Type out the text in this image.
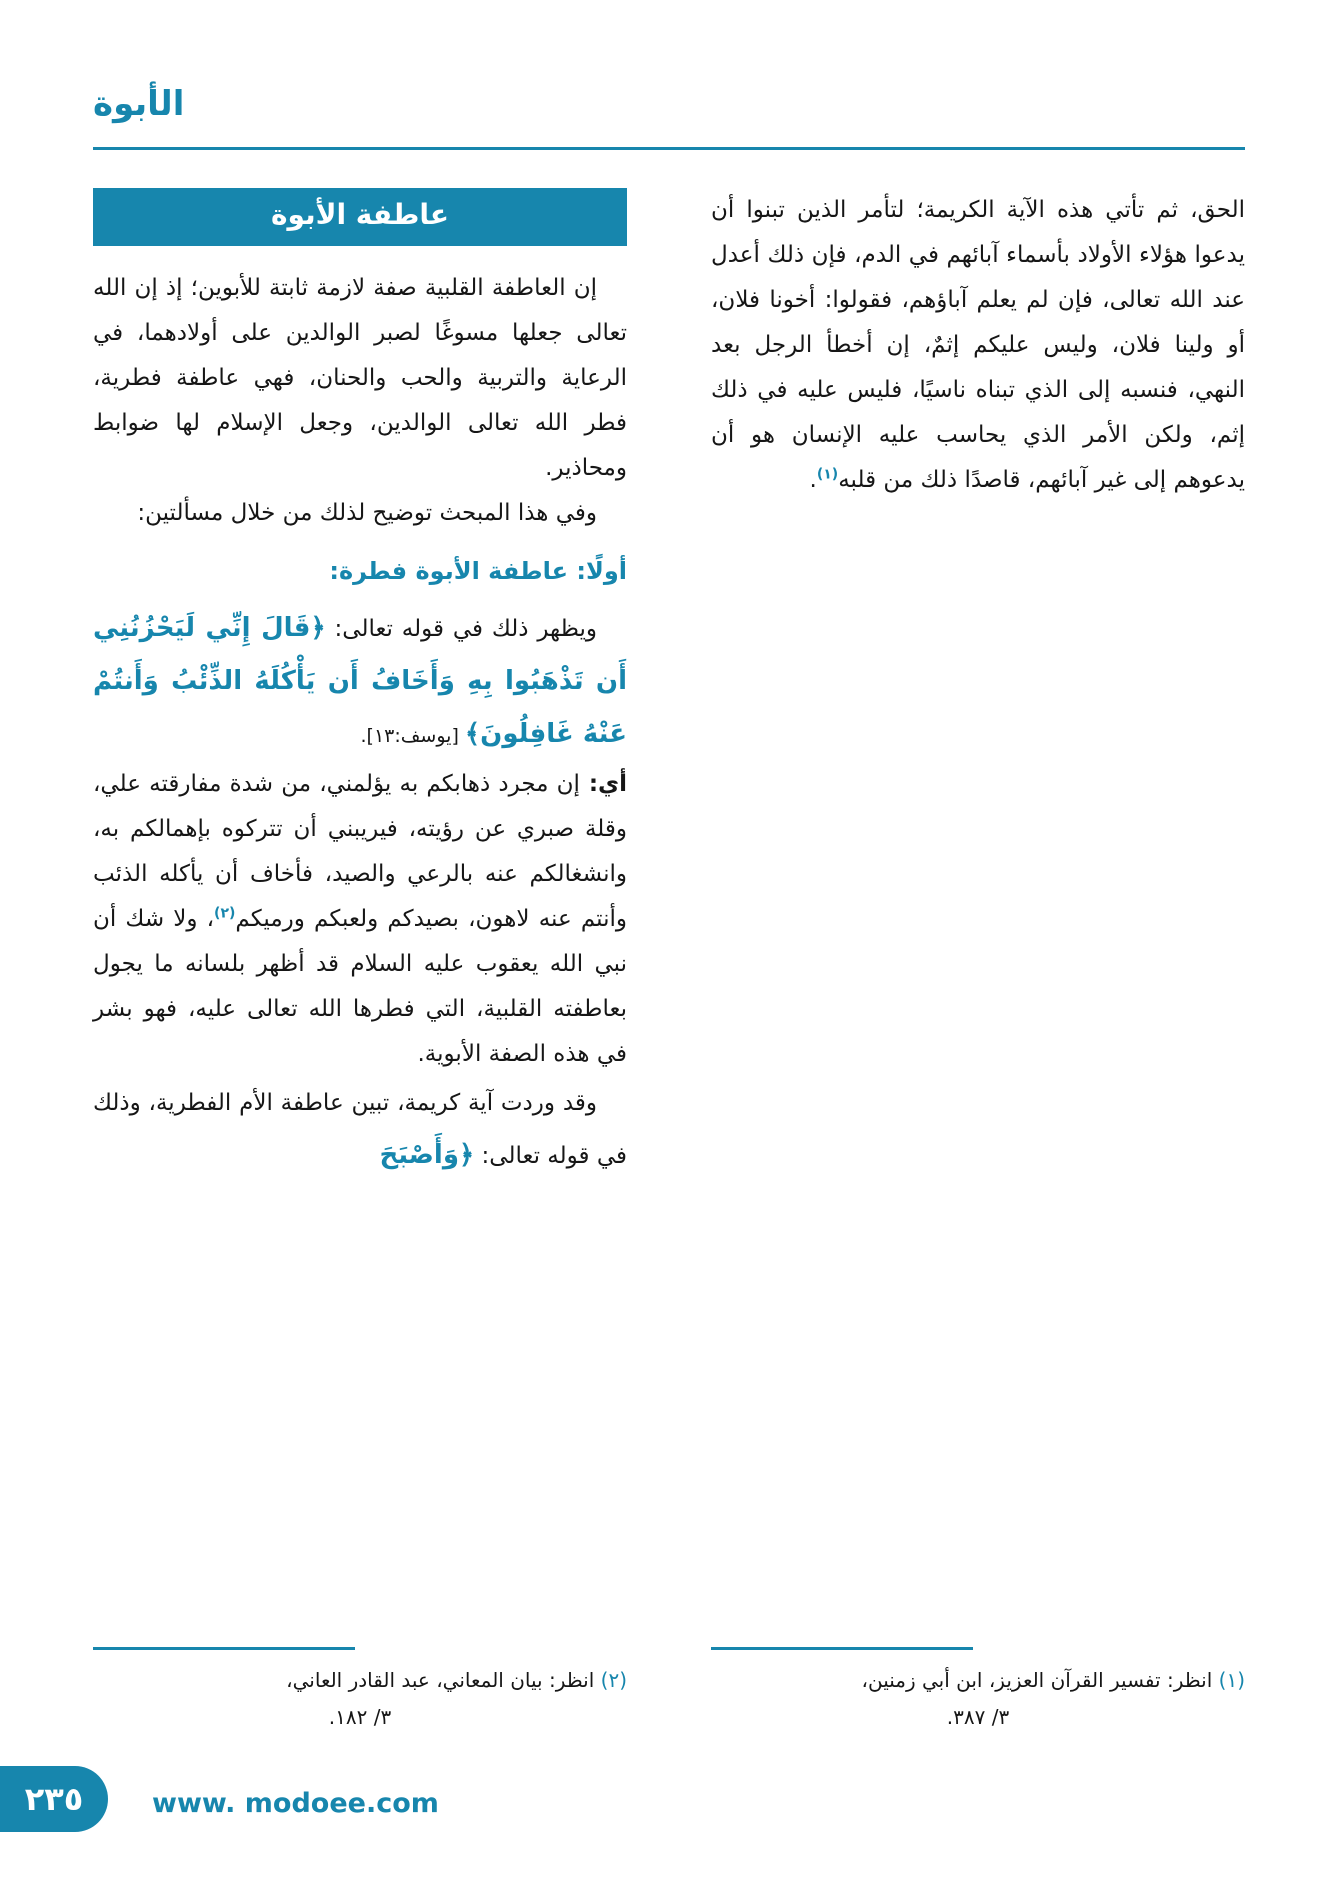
الأبوة

الحق، ثم تأتي هذه الآية الكريمة؛ لتأمر الذين تبنوا أن يدعوا هؤلاء الأولاد بأسماء آبائهم في الدم، فإن ذلك أعدل عند الله تعالى، فإن لم يعلم آباؤهم، فقولوا: أخونا فلان، أو ولينا فلان، وليس عليكم إثمٌ، إن أخطأ الرجل بعد النهي، فنسبه إلى الذي تبناه ناسيًا، فليس عليه في ذلك إثم، ولكن الأمر الذي يحاسب عليه الإنسان هو أن يدعوهم إلى غير آبائهم، قاصدًا ذلك من قلبه$^{(١)}$.

(١) انظر: تفسير القرآن العزيز، ابن أبي زمنين،
٣/ ٣٨٧.
عاطفة الأبوة

إن العاطفة القلبية صفة لازمة ثابتة للأبوين؛ إذ إن الله تعالى جعلها مسوغًا لصبر الوالدين على أولادهما، في الرعاية والتربية والحب والحنان، فهي عاطفة فطرية، فطر الله تعالى الوالدين، وجعل الإسلام لها ضوابط ومحاذير.

وفي هذا المبحث توضيح لذلك من خلال مسألتين:

أولًا: عاطفة الأبوة فطرة:

ويظهر ذلك في قوله تعالى: ﴿قَالَ إِنِّي لَيَحْزُنُنِي أَن تَذْهَبُوا بِهِ وَأَخَافُ أَن يَأْكُلَهُ الذِّئْبُ وَأَنتُمْ عَنْهُ غَافِلُونَ﴾ [يوسف:١٣].

أي: إن مجرد ذهابكم به يؤلمني، من شدة مفارقته علي، وقلة صبري عن رؤيته، فيريبني أن تتركوه بإهمالكم به، وانشغالكم عنه بالرعي والصيد، فأخاف أن يأكله الذئب وأنتم عنه لاهون، بصيدكم ولعبكم ورميكم$^{(٢)}$، ولا شك أن نبي الله يعقوب عليه السلام قد أظهر بلسانه ما يجول بعاطفته القلبية، التي فطرها الله تعالى عليه، فهو بشر في هذه الصفة الأبوية.

وقد وردت آية كريمة، تبين عاطفة الأم الفطرية، وذلك في قوله تعالى: ﴿وَأَصْبَحَ

(٢) انظر: بيان المعاني، عبد القادر العاني،
٣/ ١٨٢.
٢٣٥	www. modoee.com
